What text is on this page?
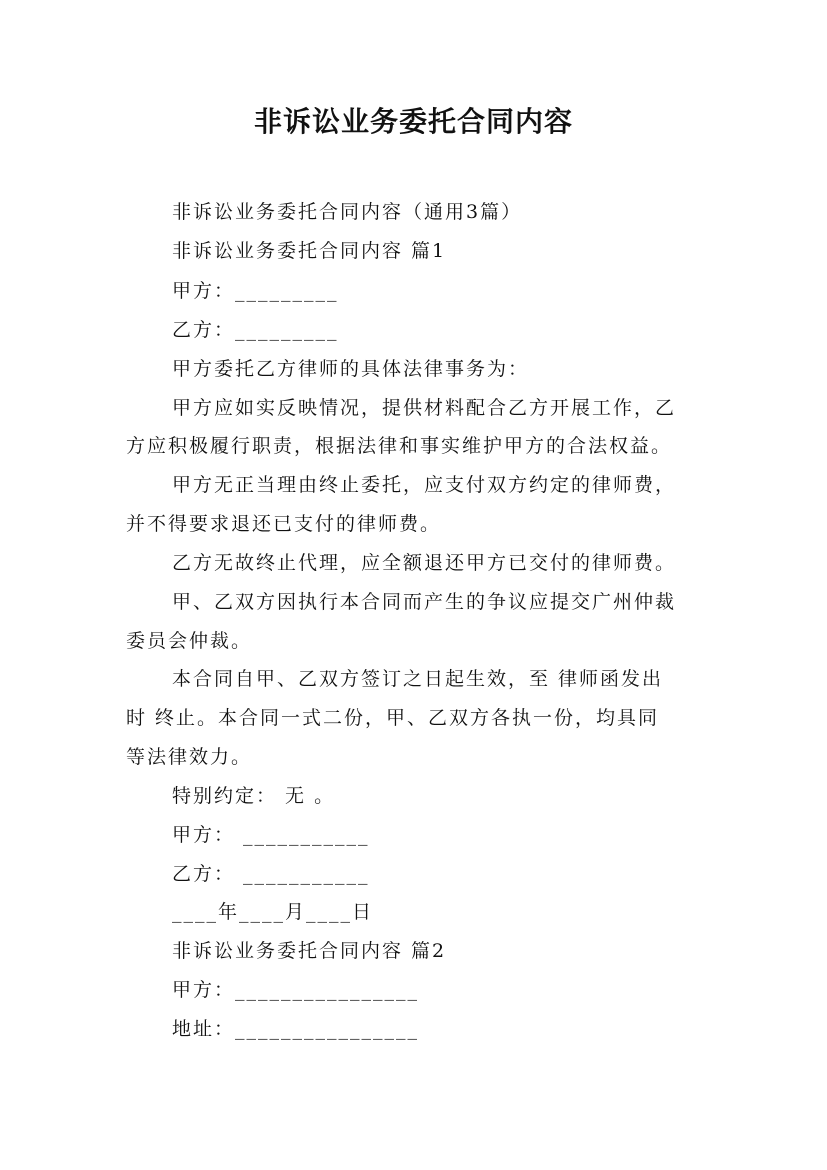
非诉讼业务委托合同内容
非诉讼业务委托合同内容（通用3篇）
非诉讼业务委托合同内容 篇1
甲方：_________
乙方：_________
甲方委托乙方律师的具体法律事务为：
甲方应如实反映情况，提供材料配合乙方开展工作，乙
方应积极履行职责，根据法律和事实维护甲方的合法权益。
甲方无正当理由终止委托，应支付双方约定的律师费，
并不得要求退还已支付的律师费。
乙方无故终止代理，应全额退还甲方已交付的律师费。
甲、乙双方因执行本合同而产生的争议应提交广州仲裁
委员会仲裁。
本合同自甲、乙双方签订之日起生效，至 律师函发出
时 终止。本合同一式二份，甲、乙双方各执一份，均具同
等法律效力。
特别约定： 无 。
甲方： ___________
乙方： ___________
____年____月____日
非诉讼业务委托合同内容 篇2
甲方：________________
地址：________________
